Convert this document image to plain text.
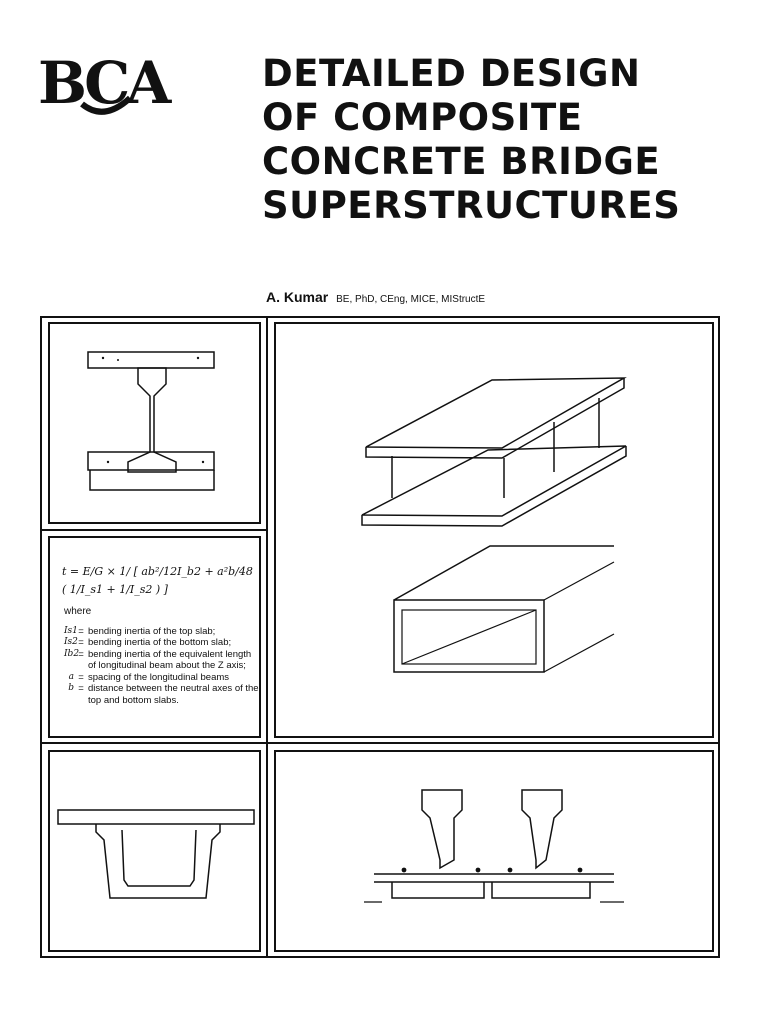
BCA	DETAILED DESIGN
OF COMPOSITE
CONCRETE BRIDGE
SUPERSTRUCTURES
A. Kumar BE, PhD, CEng, MICE, MIStructE
t = E/G × 1/ [ ab²/12I_b2 + a²b/48 ( 1/I_s1 + 1/I_s2 ) ]
where
Is1 = bending inertia of the top slab;
Is2 = bending inertia of the bottom slab;
Ib2 = bending inertia of the equivalent length of longitudinal beam about the Z axis;
a = spacing of the longitudinal beams
b = distance between the neutral axes of the top and bottom slabs.
